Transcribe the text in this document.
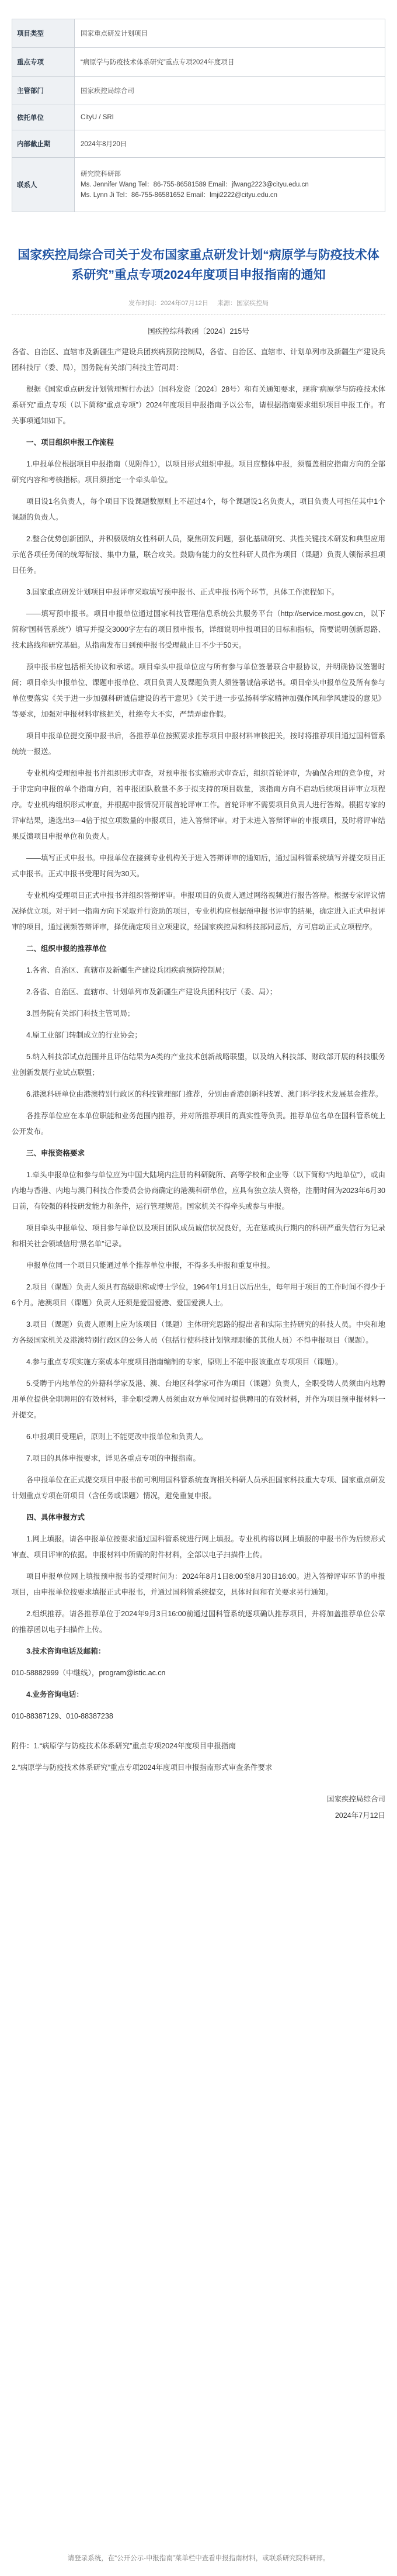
项目类型	国家重点研发计划项目
重点专项	“病原学与防疫技术体系研究”重点专项2024年度项目
主管部门	国家疾控局综合司
依托单位	CityU / SRI
内部截止期	2024年8月20日
联系人	研究院科研部
Ms. Jennifer Wang Tel：86-755-86581589 Email：jfwang2223@cityu.edu.cn
Ms. Lynn Ji Tel：86-755-86581652 Email：lmji2222@cityu.edu.cn
国家疾控局综合司关于发布国家重点研发计划“病原学与防疫技术体系研究”重点专项2024年度项目申报指南的通知
发布时间：2024年07月12日 来源：国家疾控局
国疾控综科教函〔2024〕215号

各省、自治区、直辖市及新疆生产建设兵团疾病预防控制局，各省、自治区、直辖市、计划单列市及新疆生产建设兵团科技厅（委、局），国务院有关部门科技主管司局：

根据《国家重点研发计划管理暂行办法》（国科发资〔2024〕28号）和有关通知要求，现将“病原学与防疫技术体系研究”重点专项（以下简称“重点专项”）2024年度项目申报指南予以公布，请根据指南要求组织项目申报工作。有关事项通知如下。

一、项目组织申报工作流程

1.申报单位根据项目申报指南（见附件1），以项目形式组织申报。项目应整体申报，须覆盖相应指南方向的全部研究内容和考核指标。项目须指定一个牵头单位。

项目设1名负责人，每个项目下设课题数原则上不超过4个，每个课题设1名负责人，项目负责人可担任其中1个课题的负责人。

2.整合优势创新团队，并积极吸纳女性科研人员，聚焦研发问题，强化基础研究、共性关键技术研发和典型应用示范各项任务间的统筹衔接、集中力量，联合攻关。鼓励有能力的女性科研人员作为项目（课题）负责人领衔承担项目任务。

3.国家重点研发计划项目申报评审采取填写预申报书、正式申报书两个环节，具体工作流程如下。

——填写预申报书。项目申报单位通过国家科技管理信息系统公共服务平台（http://service.most.gov.cn，以下简称“国科管系统”）填写并提交3000字左右的项目预申报书，详细说明申报项目的目标和指标，简要说明创新思路、技术路线和研究基础。从指南发布日到预申报书受理截止日不少于50天。

预申报书应包括相关协议和承诺。项目牵头申报单位应与所有参与单位签署联合申报协议，并明确协议签署时间；项目牵头申报单位、课题申报单位、项目负责人及课题负责人须签署诚信承诺书。项目牵头申报单位及所有参与单位要落实《关于进一步加强科研诚信建设的若干意见》《关于进一步弘扬科学家精神加强作风和学风建设的意见》等要求，加强对申报材料审核把关，杜绝夸大不实，严禁弄虚作假。

项目申报单位提交预申报书后，各推荐单位按照要求推荐项目申报材料审核把关，按时将推荐项目通过国科管系统统一报送。

专业机构受理预申报书并组织形式审查，对预申报书实施形式审查后，组织首轮评审，为确保合理的竞争度，对于非定向申报的单个指南方向，若申报团队数量不多于拟支持的项目数量，该指南方向不启动后续项目评审立项程序。专业机构组织形式审查，并根据申报情况开展首轮评审工作。首轮评审不需要项目负责人进行答辩。根据专家的评审结果，遴选出3—4倍于拟立项数量的申报项目，进入答辩评审。对于未进入答辩评审的申报项目，及时将评审结果反馈项目申报单位和负责人。

——填写正式申报书。申报单位在接到专业机构关于进入答辩评审的通知后，通过国科管系统填写并提交项目正式申报书。正式申报书受理时间为30天。

专业机构受理项目正式申报书并组织答辩评审。申报项目的负责人通过网络视频进行报告答辩。根据专家评议情况择优立项。对于同一指南方向下采取并行资助的项目，专业机构应根据预申报书评审的结果，确定进入正式申报评审的项目，通过视频答辩评审，择优确定项目立项建议，经国家疾控局和科技部同意后，方可启动正式立项程序。

二、组织申报的推荐单位

1.各省、自治区、直辖市及新疆生产建设兵团疾病预防控制局；

2.各省、自治区、直辖市、计划单列市及新疆生产建设兵团科技厅（委、局）；

3.国务院有关部门科技主管司局；

4.原工业部门转制成立的行业协会；

5.纳入科技部试点范围并且评估结果为A类的产业技术创新战略联盟，以及纳入科技部、财政部开展的科技服务业创新发展行业试点联盟；

6.港澳科研单位由港澳特别行政区的科技管理部门推荐，分别由香港创新科技署、澳门科学技术发展基金推荐。

各推荐单位应在本单位职能和业务范围内推荐，并对所推荐项目的真实性等负责。推荐单位名单在国科管系统上公开发布。

三、申报资格要求

1.牵头申报单位和参与单位应为中国大陆境内注册的科研院所、高等学校和企业等（以下简称“内地单位”），或由内地与香港、内地与澳门科技合作委员会协商确定的港澳科研单位，应具有独立法人资格，注册时间为2023年6月30日前，有较强的科技研发能力和条件，运行管理规范。国家机关不得牵头或参与申报。

项目牵头申报单位、项目参与单位以及项目团队成员诚信状况良好，无在惩戒执行期内的科研严重失信行为记录和相关社会领域信用“黑名单”记录。

申报单位同一个项目只能通过单个推荐单位申报，不得多头申报和重复申报。

2.项目（课题）负责人须具有高级职称或博士学位，1964年1月1日以后出生，每年用于项目的工作时间不得少于6个月。港澳项目（课题）负责人还须是爱国爱港、爱国爱澳人士。

3.项目（课题）负责人原则上应为该项目（课题）主体研究思路的提出者和实际主持研究的科技人员。中央和地方各级国家机关及港澳特别行政区的公务人员（包括行使科技计划管理职能的其他人员）不得申报项目（课题）。

4.参与重点专项实施方案或本年度项目指南编制的专家，原则上不能申报该重点专项项目（课题）。

5.受聘于内地单位的外籍科学家及港、澳、台地区科学家可作为项目（课题）负责人，全职受聘人员须由内地聘用单位提供全职聘用的有效材料，非全职受聘人员须由双方单位同时提供聘用的有效材料，并作为项目预申报材料一并提交。

6.申报项目受理后，原则上不能更改申报单位和负责人。

7.项目的具体申报要求，详见各重点专项的申报指南。

各申报单位在正式提交项目申报书前可利用国科管系统查询相关科研人员承担国家科技重大专项、国家重点研发计划重点专项在研项目（含任务或课题）情况，避免重复申报。

四、具体申报方式

1.网上填报。请各申报单位按要求通过国科管系统进行网上填报。专业机构将以网上填报的申报书作为后续形式审查、项目评审的依据。申报材料中所需的附件材料，全部以电子扫描件上传。

项目申报单位网上填报预申报书的受理时间为：2024年8月1日8:00至8月30日16:00。进入答辩评审环节的申报项目，由申报单位按要求填报正式申报书，并通过国科管系统提交，具体时间和有关要求另行通知。

2.组织推荐。请各推荐单位于2024年9月3日16:00前通过国科管系统逐项确认推荐项目，并将加盖推荐单位公章的推荐函以电子扫描件上传。

3.技术咨询电话及邮箱：

010-58882999（中继线），program@istic.ac.cn

4.业务咨询电话：

010-88387129、010-88387238

附件：1.“病原学与防疫技术体系研究”重点专项2024年度项目申报指南

2.“病原学与防疫技术体系研究”重点专项2024年度项目申报指南形式审查条件要求

国家疾控局综合司
2024年7月12日
请登录系统，在“公开公示-申报指南”菜单栏中查看申报指南材料，或联系研究院科研部。
